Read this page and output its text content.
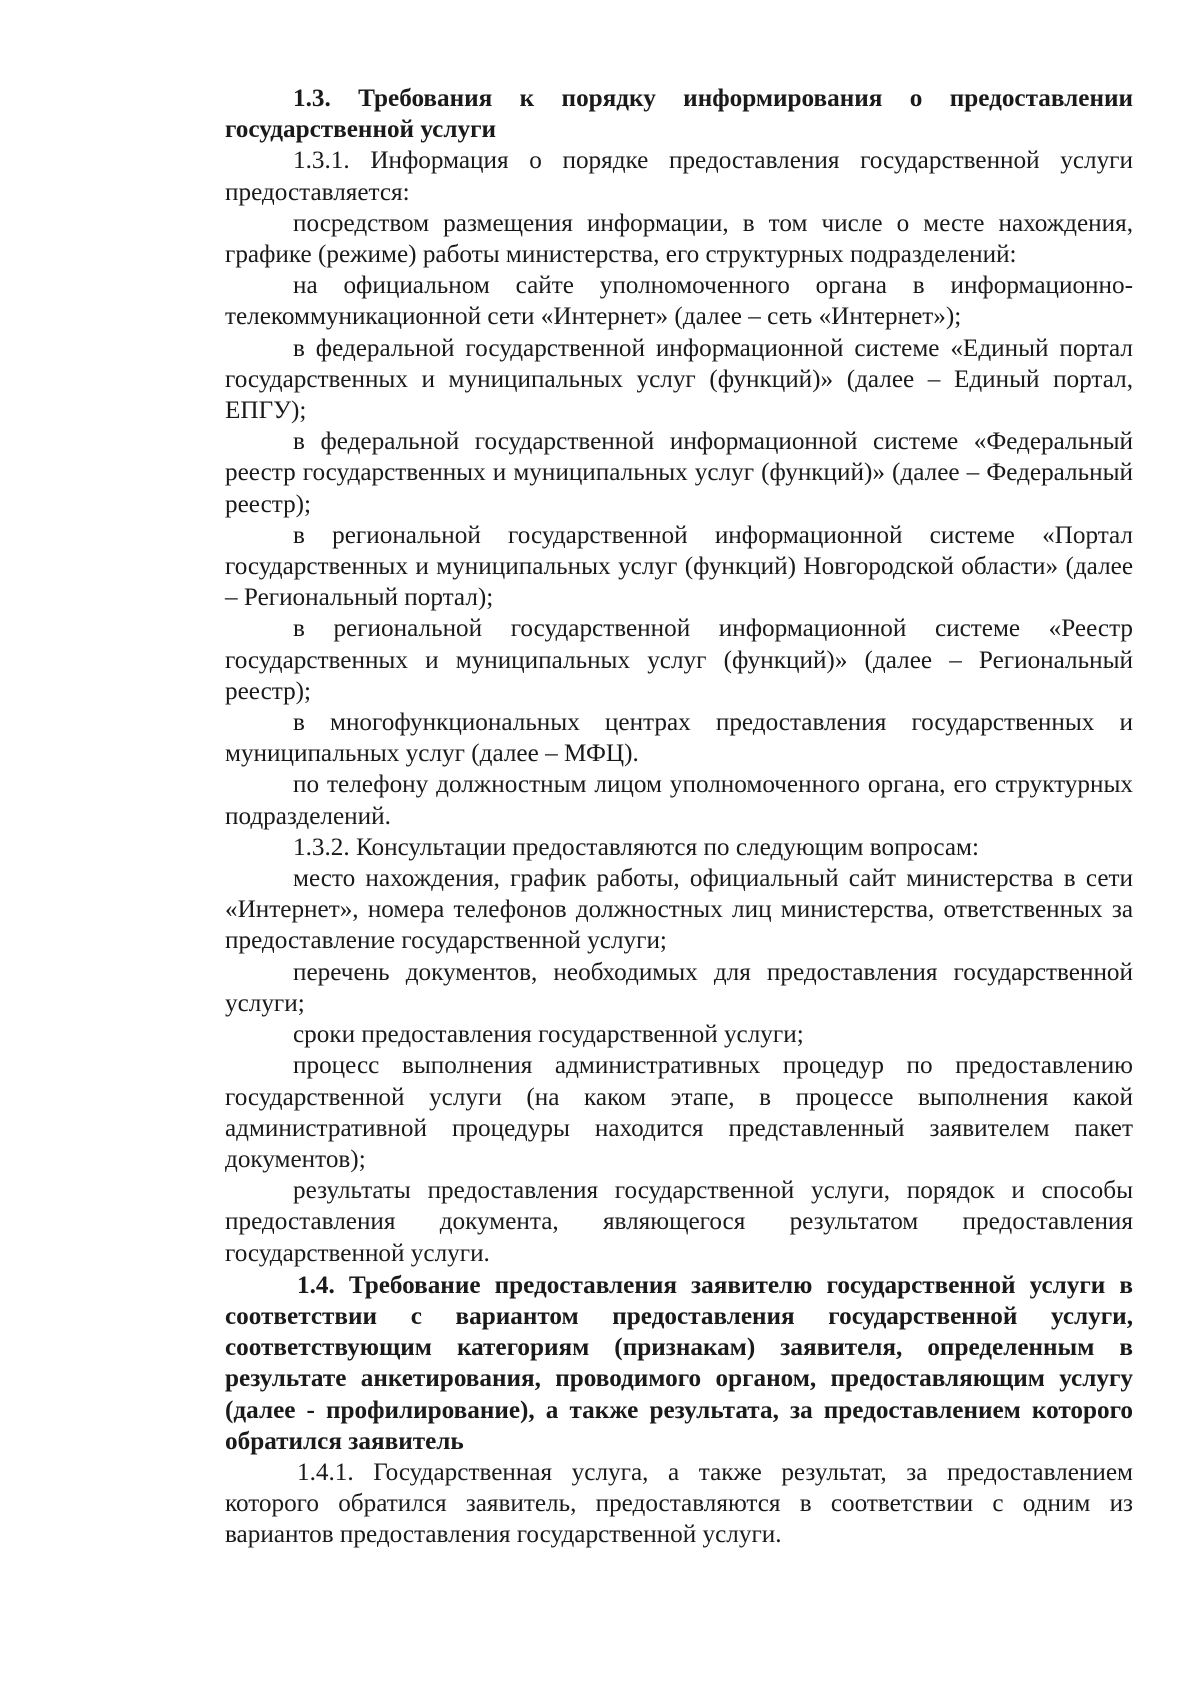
1.3. Требования к порядку информирования о предоставлении государственной услуги

1.3.1. Информация о порядке предоставления государственной услуги предоставляется:

посредством размещения информации, в том числе о месте нахождения, графике (режиме) работы министерства, его структурных подразделений:

на официальном сайте уполномоченного органа в информационно-телекоммуникационной сети «Интернет» (далее – сеть «Интернет»);

в федеральной государственной информационной системе «Единый портал государственных и муниципальных услуг (функций)» (далее – Единый портал, ЕПГУ);

в федеральной государственной информационной системе «Федеральный реестр государственных и муниципальных услуг (функций)» (далее – Федеральный реестр);

в региональной государственной информационной системе «Портал государственных и муниципальных услуг (функций) Новгородской области» (далее – Региональный портал);

в региональной государственной информационной системе «Реестр государственных и муниципальных услуг (функций)» (далее – Региональный реестр);

в многофункциональных центрах предоставления государственных и муниципальных услуг (далее – МФЦ).

по телефону должностным лицом уполномоченного органа, его структурных подразделений.

1.3.2. Консультации предоставляются по следующим вопросам:

место нахождения, график работы, официальный сайт министерства в сети «Интернет», номера телефонов должностных лиц министерства, ответственных за предоставление государственной услуги;

перечень документов, необходимых для предоставления государственной услуги;

сроки предоставления государственной услуги;

процесс выполнения административных процедур по предоставлению государственной услуги (на каком этапе, в процессе выполнения какой административной процедуры находится представленный заявителем пакет документов);

результаты предоставления государственной услуги, порядок и способы предоставления документа, являющегося результатом предоставления государственной услуги.

1.4. Требование предоставления заявителю государственной услуги в соответствии с вариантом предоставления государственной услуги, соответствующим категориям (признакам) заявителя, определенным в результате анкетирования, проводимого органом, предоставляющим услугу (далее - профилирование), а также результата, за предоставлением которого обратился заявитель

1.4.1. Государственная услуга, а также результат, за предоставлением которого обратился заявитель, предоставляются в соответствии с одним из вариантов предоставления государственной услуги.
